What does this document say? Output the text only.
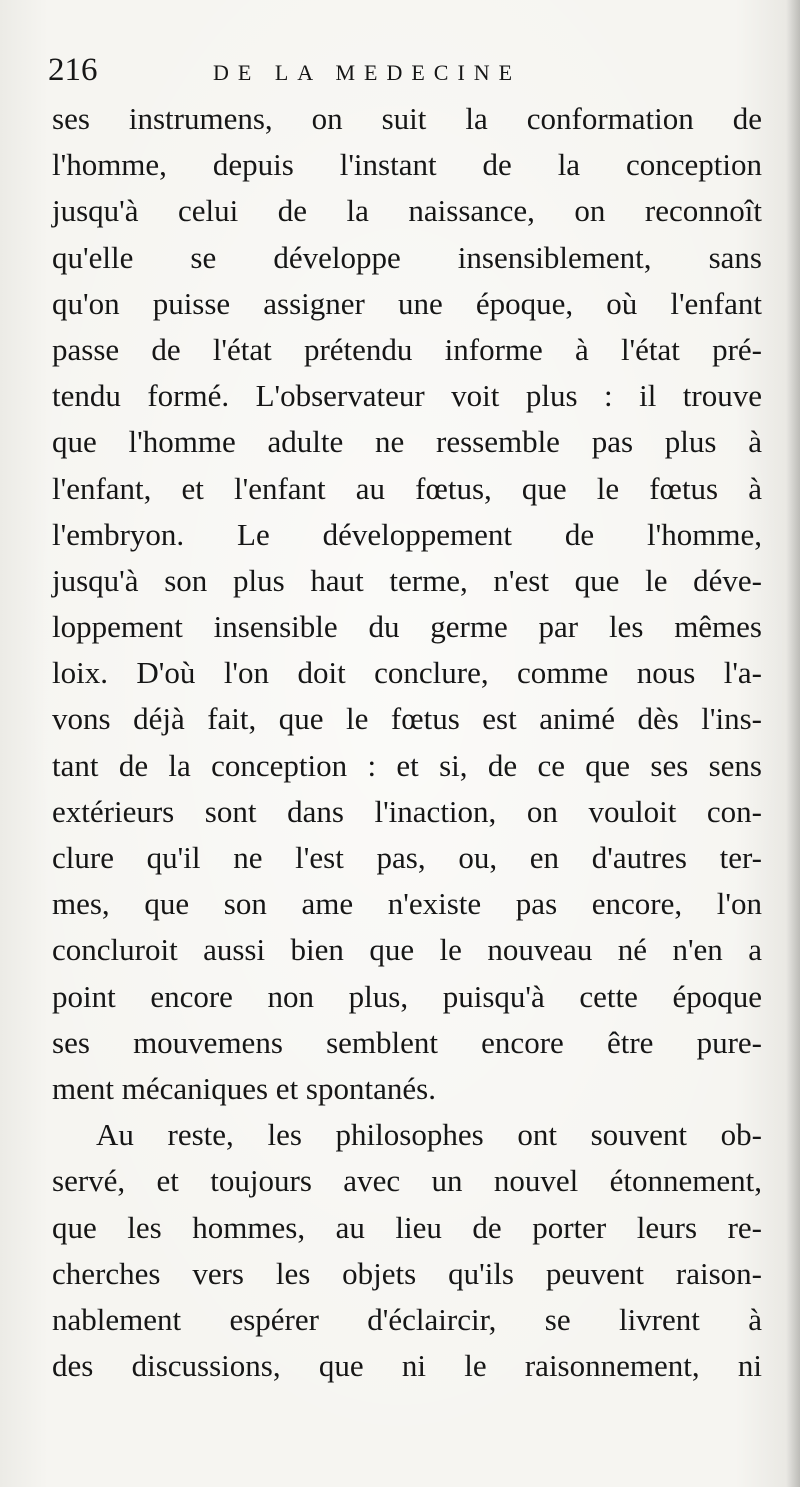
216	DE LA MEDECINE
ses instrumens, on suit la conformation de
l'homme, depuis l'instant de la conception
jusqu'à celui de la naissance, on reconnoît
qu'elle se développe insensiblement, sans
qu'on puisse assigner une époque, où l'enfant
passe de l'état prétendu informe à l'état pré-
tendu formé. L'observateur voit plus : il trouve
que l'homme adulte ne ressemble pas plus à
l'enfant, et l'enfant au fœtus, que le fœtus à
l'embryon. Le développement de l'homme,
jusqu'à son plus haut terme, n'est que le déve-
loppement insensible du germe par les mêmes
loix. D'où l'on doit conclure, comme nous l'a-
vons déjà fait, que le fœtus est animé dès l'ins-
tant de la conception : et si, de ce que ses sens
extérieurs sont dans l'inaction, on vouloit con-
clure qu'il ne l'est pas, ou, en d'autres ter-
mes, que son ame n'existe pas encore, l'on
concluroit aussi bien que le nouveau né n'en a
point encore non plus, puisqu'à cette époque
ses mouvemens semblent encore être pure-
ment mécaniques et spontanés.
Au reste, les philosophes ont souvent ob-
servé, et toujours avec un nouvel étonnement,
que les hommes, au lieu de porter leurs re-
cherches vers les objets qu'ils peuvent raison-
nablement espérer d'éclaircir, se livrent à
des discussions, que ni le raisonnement, ni
